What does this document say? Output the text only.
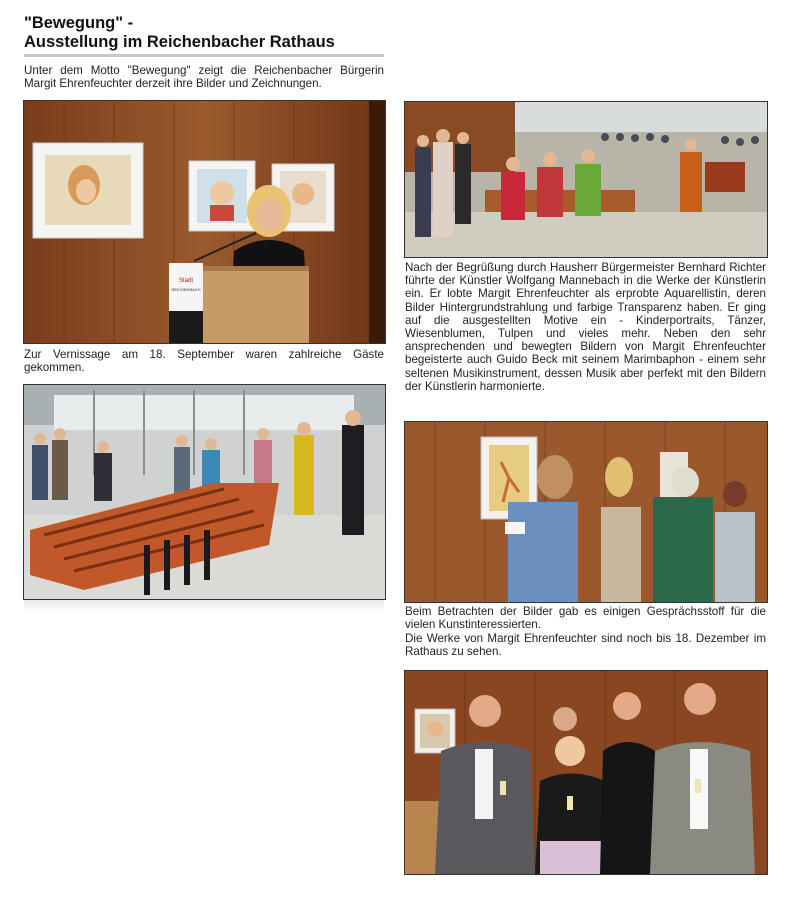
"Bewegung" -
Ausstellung im Reichenbacher Rathaus
Unter dem Motto "Bewegung" zeigt die Reichenbacher Bürgerin Margit Ehrenfeuchter derzeit ihre Bilder und Zeichnungen.
Stadt
REICHENBACH
Zur Vernissage am 18. September waren zahlreiche Gäste gekommen.
Nach der Begrüßung durch Hausherr Bürgermeister Bernhard Richter führte der Künstler Wolfgang Mannebach in die Werke der Künstlerin ein. Er lobte Margit Ehrenfeuchter als erprobte Aquarellistin, deren Bilder Hintergrundstrahlung und farbige Transparenz haben. Er ging auf die ausgestellten Motive ein - Kinderportraits, Tänzer, Wiesenblumen, Tulpen und vieles mehr. Neben den sehr ansprechenden und bewegten Bildern von Margit Ehrenfeuchter begeisterte auch Guido Beck mit seinem Marimbaphon - einem sehr seltenen Musikinstrument, dessen Musik aber perfekt mit den Bildern der Künstlerin harmonierte.
Beim Betrachten der Bilder gab es einigen Gesprächsstoff für die vielen Kunstinteressierten.
Die Werke von Margit Ehrenfeuchter sind noch bis 18. Dezember im Rathaus zu sehen.
